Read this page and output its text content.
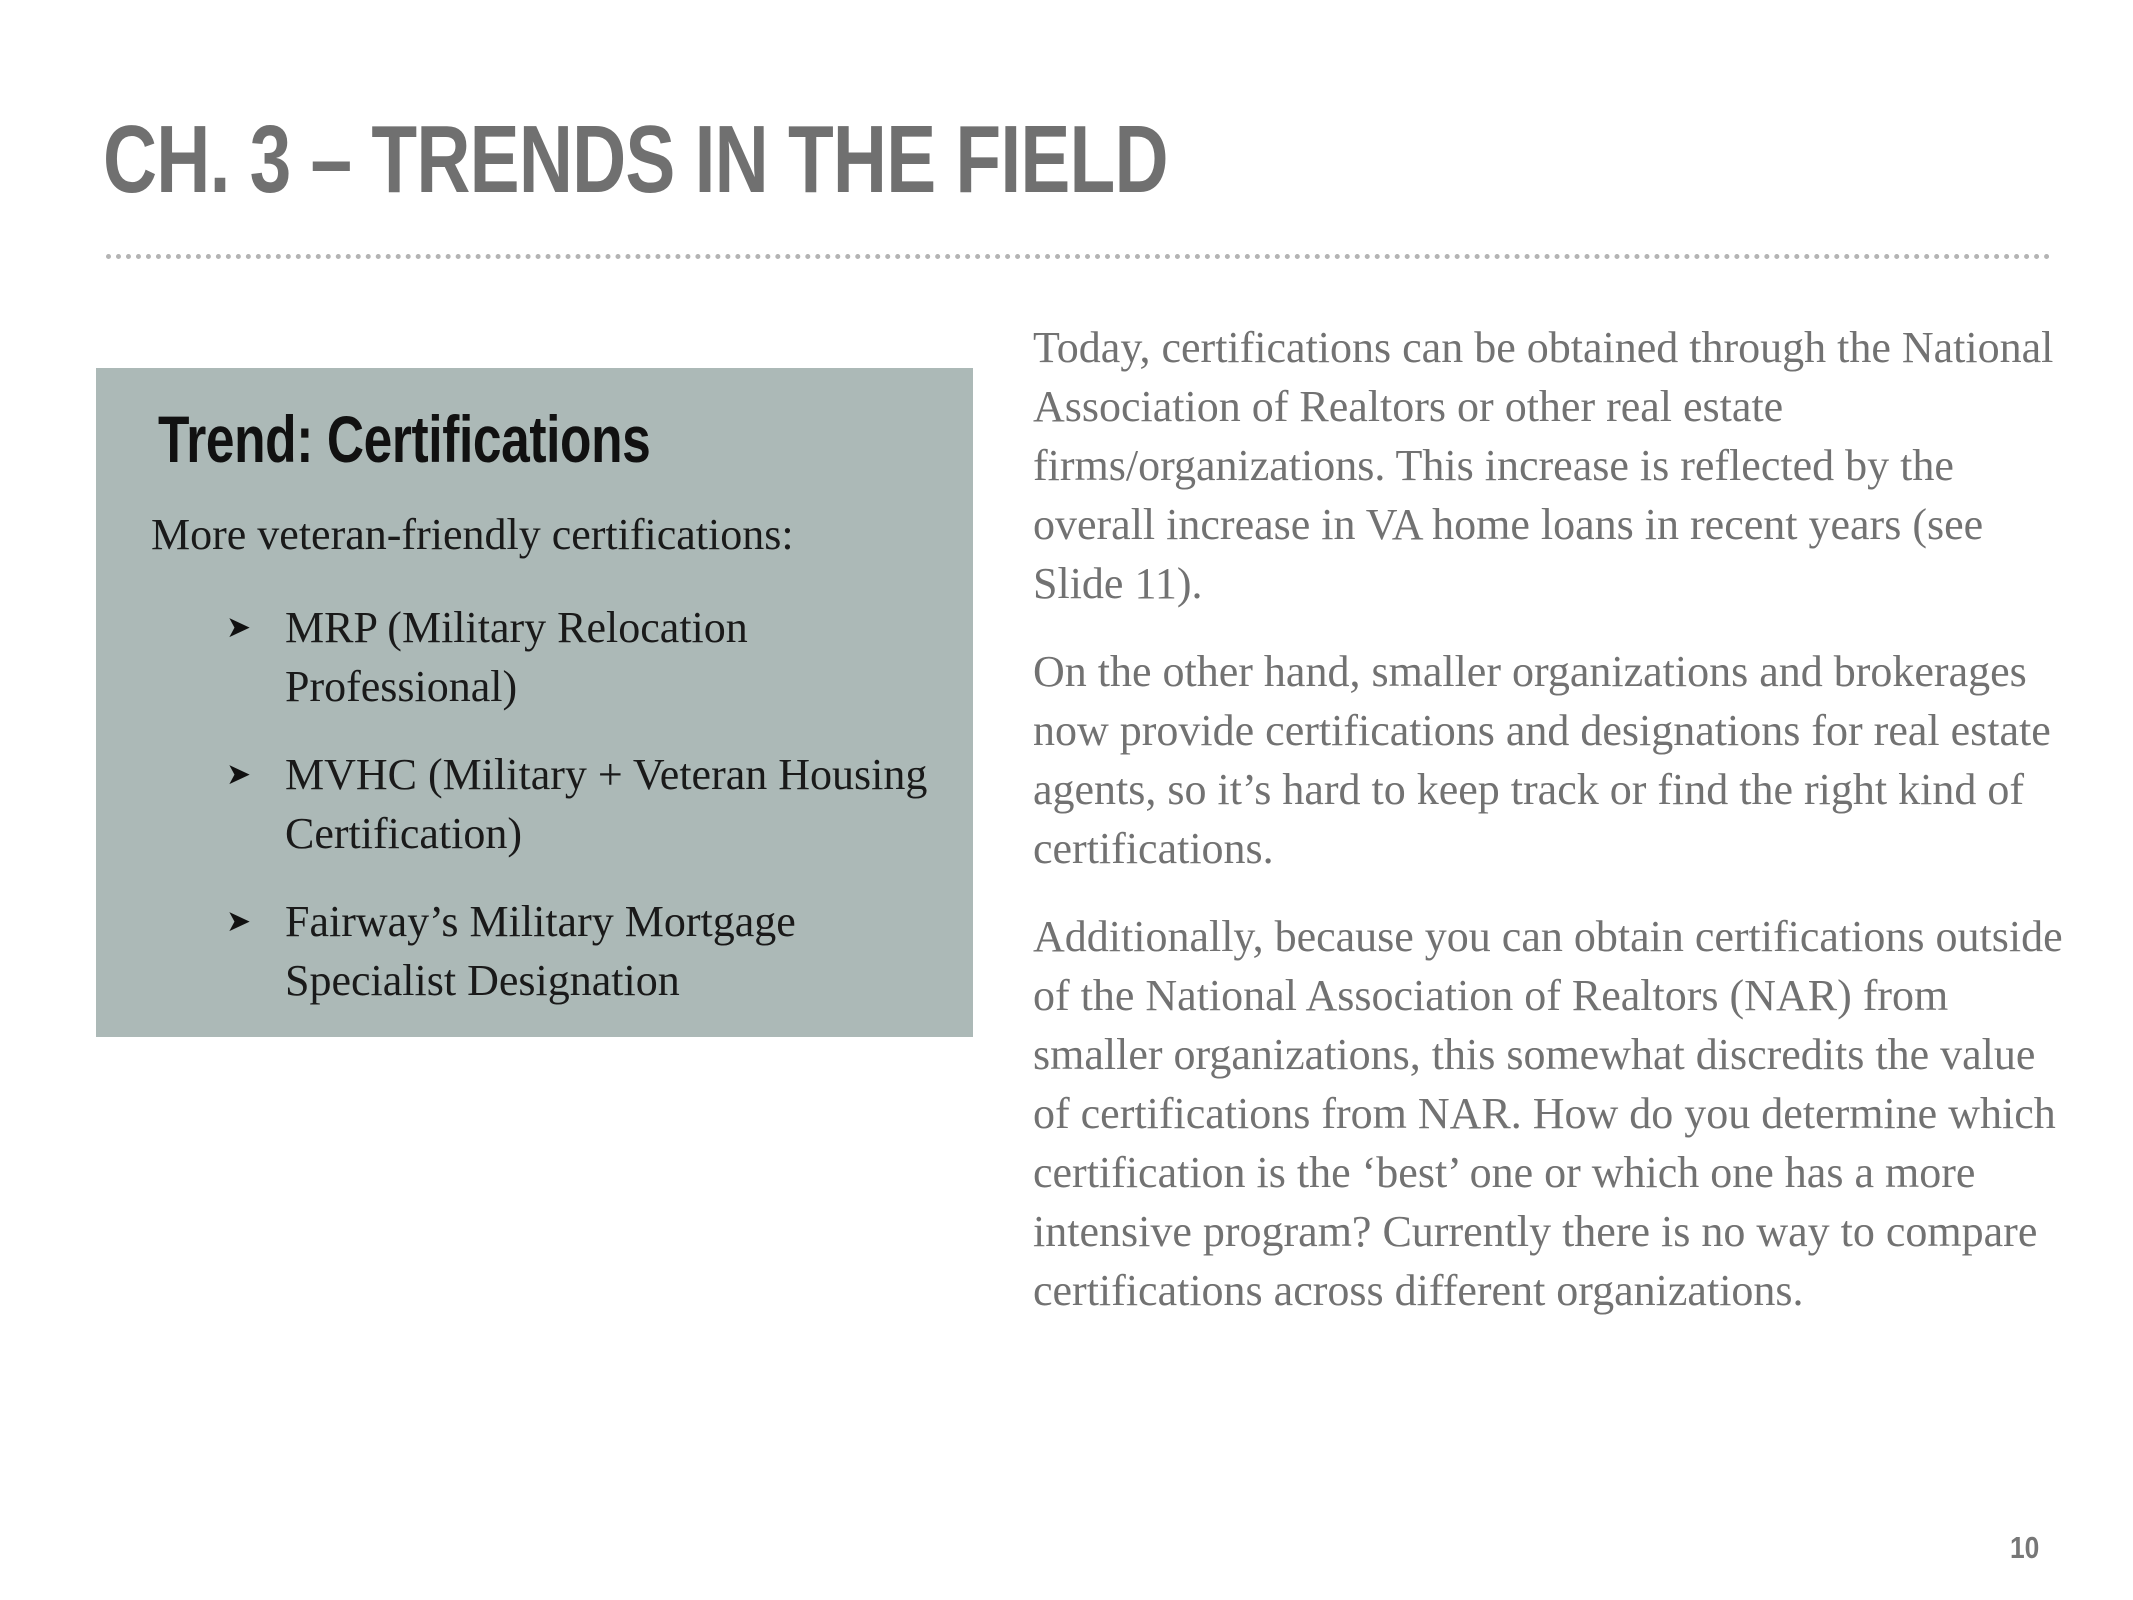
CH. 3 – TRENDS IN THE FIELD
Trend: Certifications
More veteran-friendly certifications:
➤ MRP (Military Relocation Professional)
➤ MVHC (Military + Veteran Housing Certification)
➤ Fairway’s Military Mortgage Specialist Designation

Today, certifications can be obtained through the National Association of Realtors or other real estate firms/organizations. This increase is reflected by the overall increase in VA home loans in recent years (see Slide 11).

On the other hand, smaller organizations and brokerages now provide certifications and designations for real estate agents, so it’s hard to keep track or find the right kind of certifications.

Additionally, because you can obtain certifications outside of the National Association of Realtors (NAR) from smaller organizations, this somewhat discredits the value of certifications from NAR. How do you determine which certification is the ‘best’ one or which one has a more intensive program? Currently there is no way to compare certifications across different organizations.

10
